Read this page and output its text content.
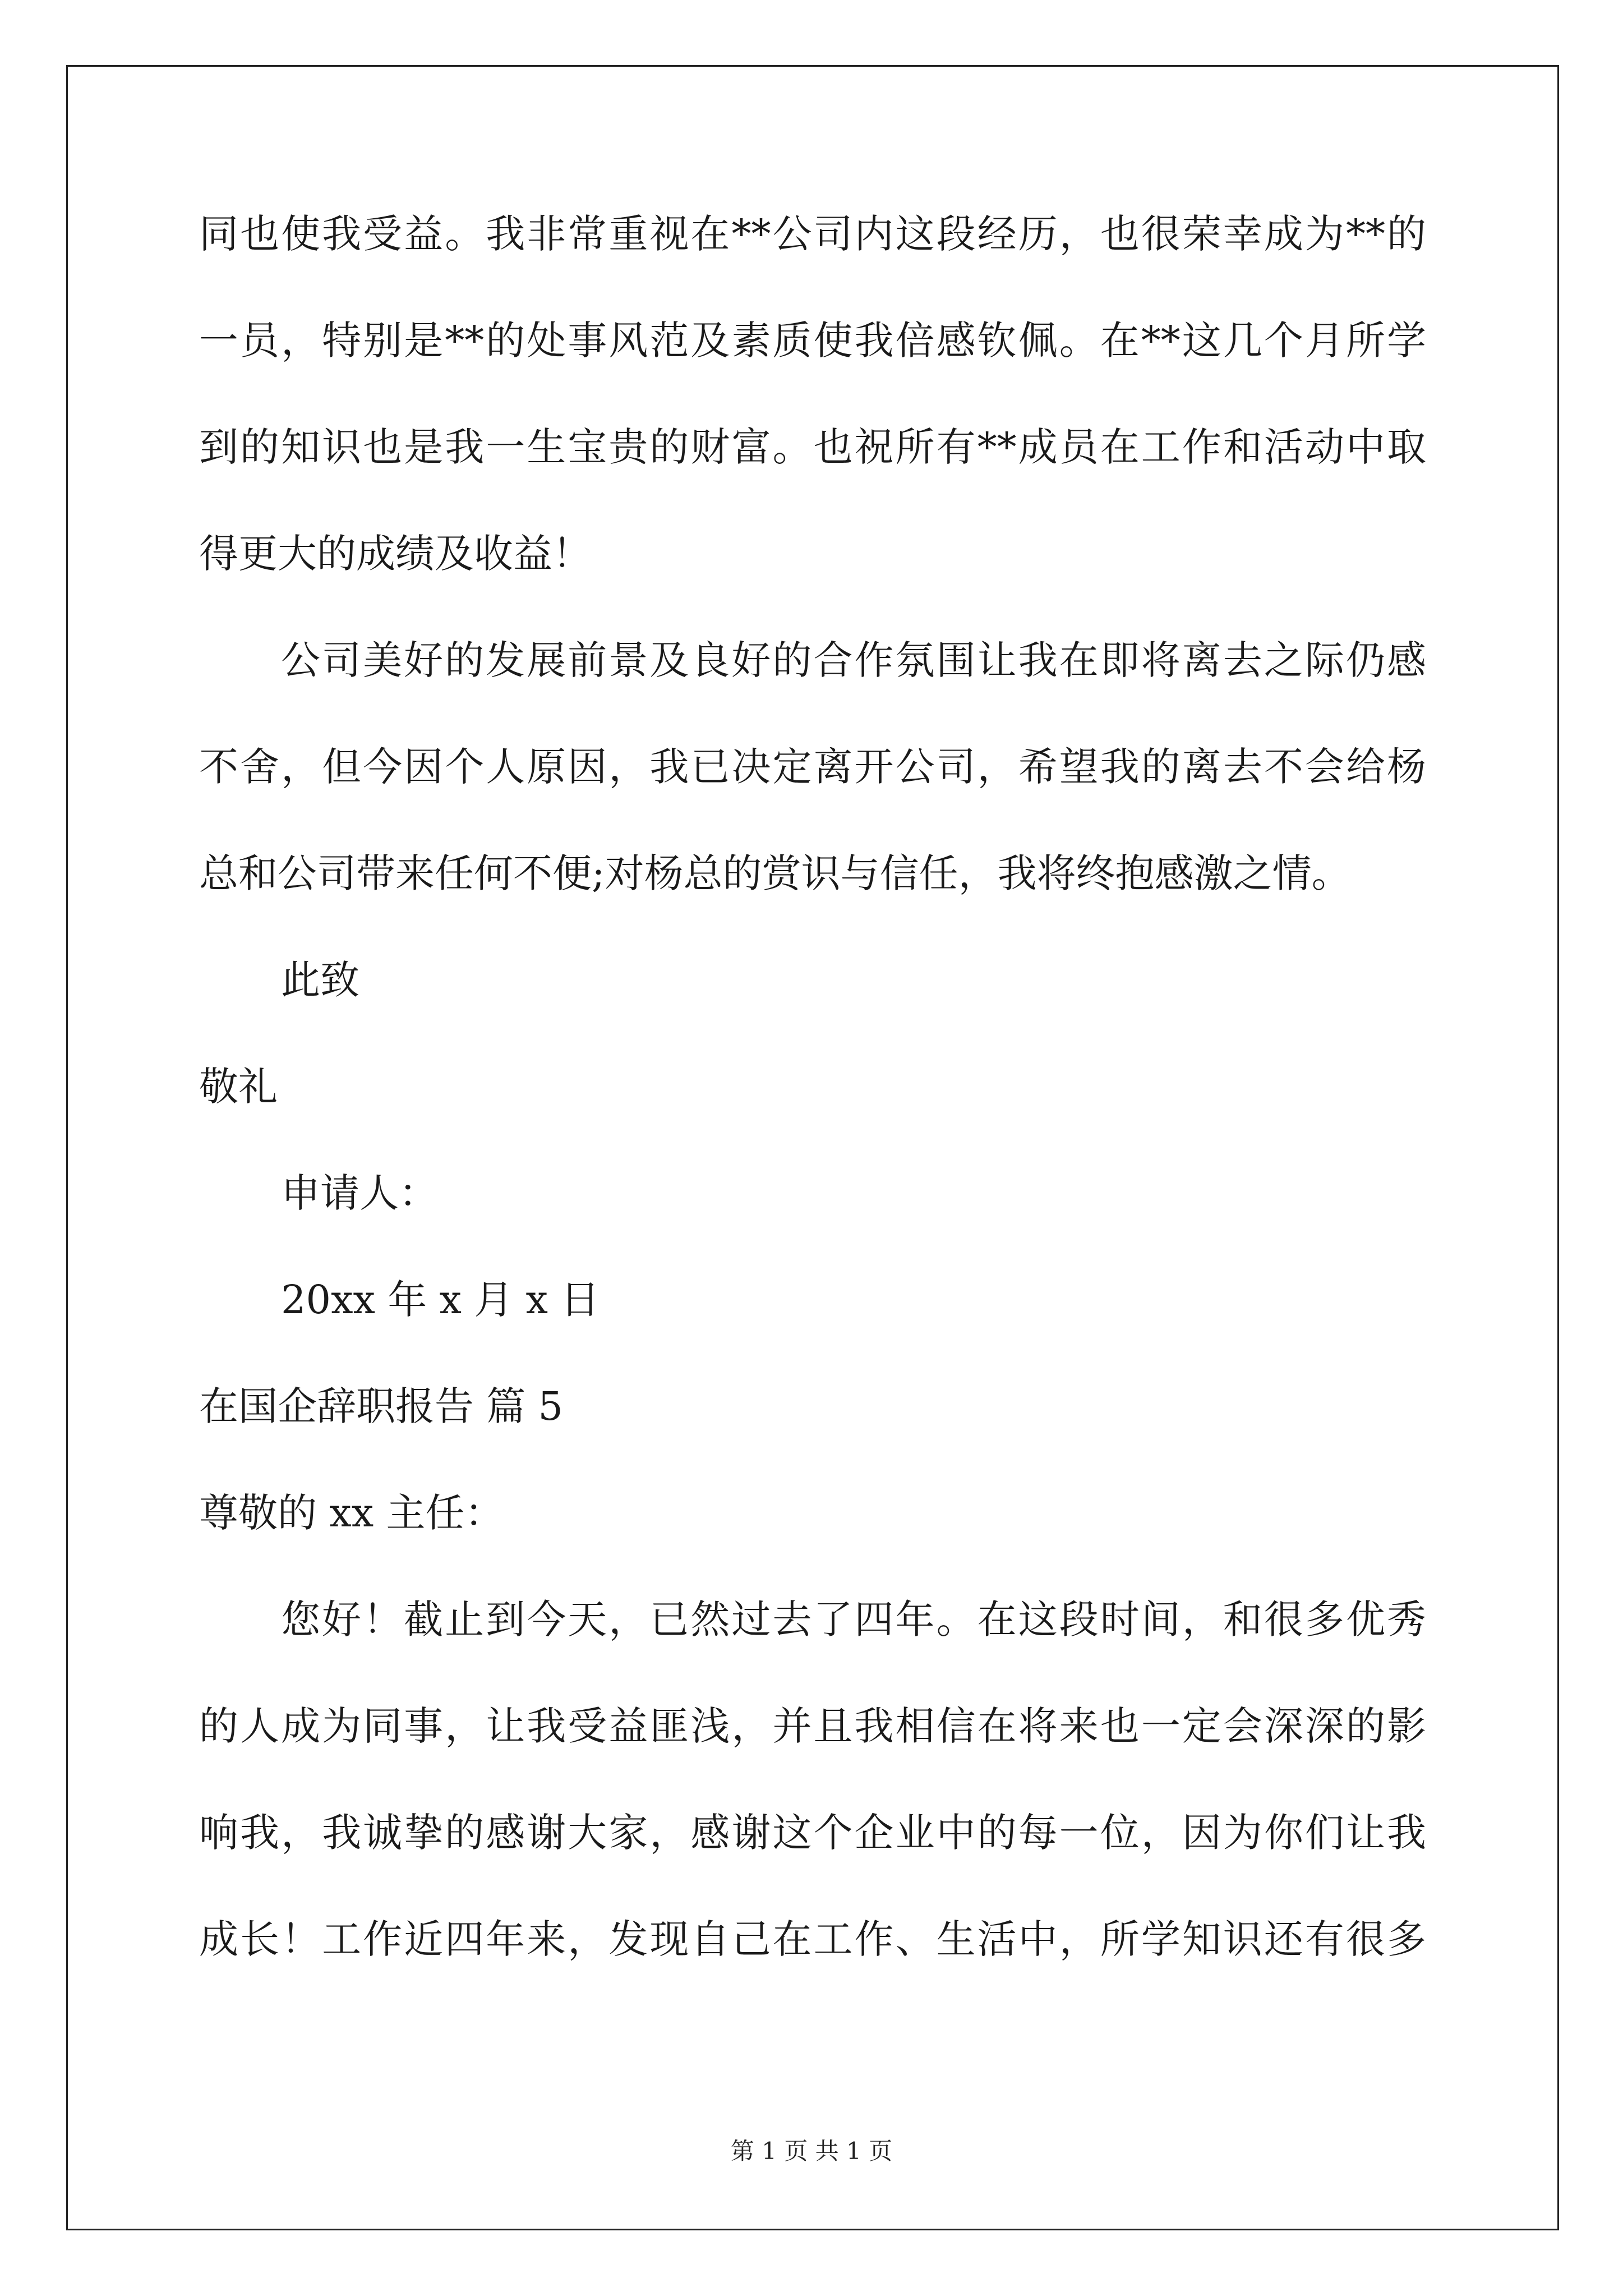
同也使我受益。我非常重视在**公司内这段经历，也很荣幸成为**的
一员，特别是**的处事风范及素质使我倍感钦佩。在**这几个月所学
到的知识也是我一生宝贵的财富。也祝所有**成员在工作和活动中取
得更大的成绩及收益！
公司美好的发展前景及良好的合作氛围让我在即将离去之际仍感
不舍，但今因个人原因，我已决定离开公司，希望我的离去不会给杨
总和公司带来任何不便;对杨总的赏识与信任，我将终抱感激之情。
此致
敬礼
申请人：
20xx 年 x 月 x 日
在国企辞职报告 篇 5
尊敬的 xx 主任：
您好！截止到今天，已然过去了四年。在这段时间，和很多优秀
的人成为同事，让我受益匪浅，并且我相信在将来也一定会深深的影
响我，我诚挚的感谢大家，感谢这个企业中的每一位，因为你们让我
成长！工作近四年来，发现自己在工作、生活中，所学知识还有很多
第 1 页 共 1 页
